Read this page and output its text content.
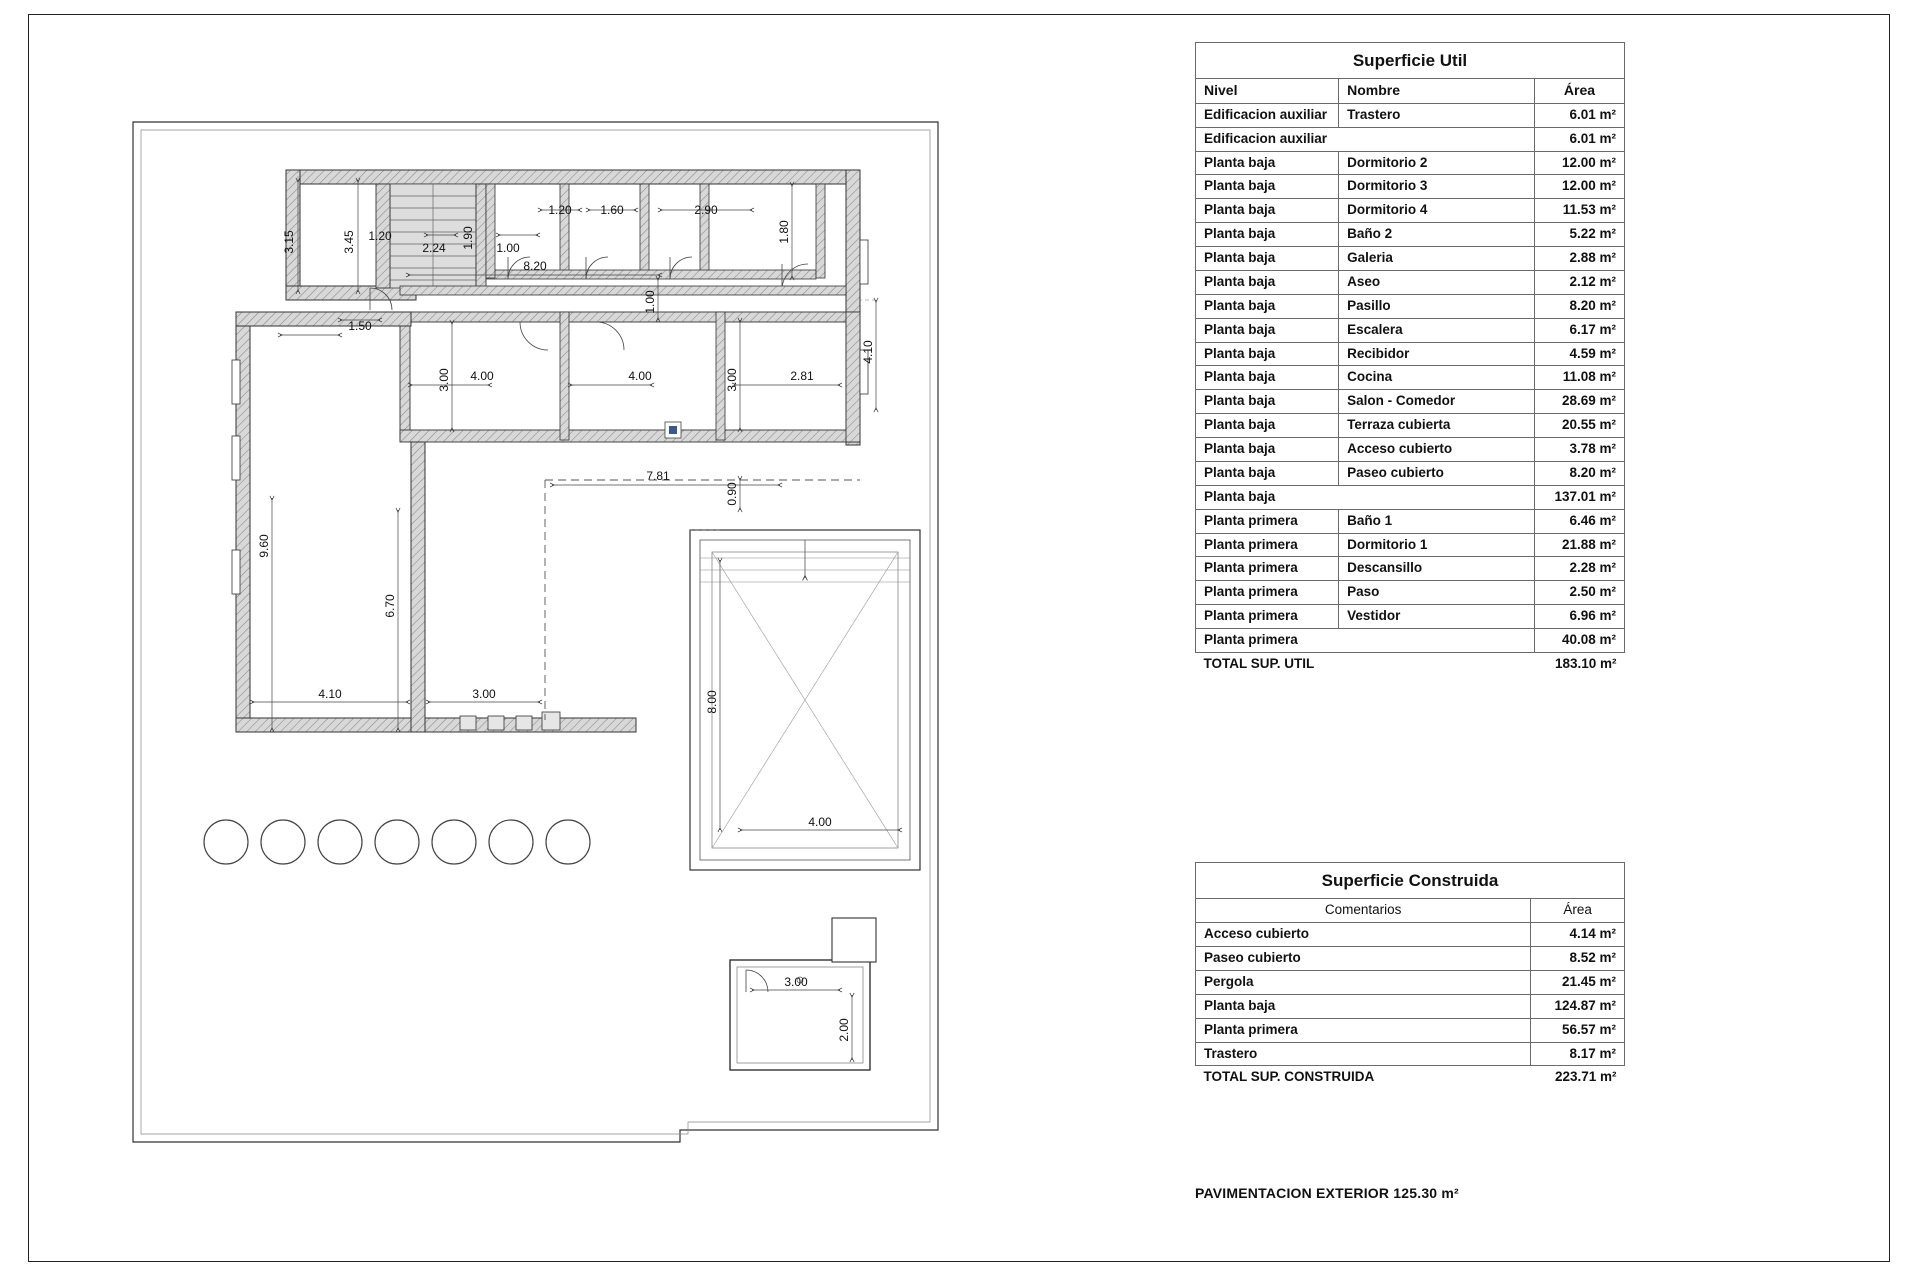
3.15	1.20
3.45	2.24 1.90 1.00
1.20 1.60	2.90
1.80
8.20
1.00
1.50
3.00 4.00	4.00	3.00	2.81
4.10
7.81
0.90
9.60
6.70
4.10	3.00	8.00
4.00
3.00
2.00
Superficie Util		
Nivel	Nombre	Área
Edificacion auxiliar	Trastero	6.01 m²
Edificacion auxiliar		6.01 m²
Planta baja	Dormitorio 2	12.00 m²
Planta baja	Dormitorio 3	12.00 m²
Planta baja	Dormitorio 4	11.53 m²
Planta baja	Baño 2	5.22 m²
Planta baja	Galeria	2.88 m²
Planta baja	Aseo	2.12 m²
Planta baja	Pasillo	8.20 m²
Planta baja	Escalera	6.17 m²
Planta baja	Recibidor	4.59 m²
Planta baja	Cocina	11.08 m²
Planta baja	Salon - Comedor	28.69 m²
Planta baja	Terraza cubierta	20.55 m²
Planta baja	Acceso cubierto	3.78 m²
Planta baja	Paseo cubierto	8.20 m²
Planta baja		137.01 m²
Planta primera	Baño 1	6.46 m²
Planta primera	Dormitorio 1	21.88 m²
Planta primera	Descansillo	2.28 m²
Planta primera	Paso	2.50 m²
Planta primera	Vestidor	6.96 m²
Planta primera		40.08 m²
TOTAL SUP. UTIL		183.10 m²
Superficie Construida	
Comentarios	Área
Acceso cubierto	4.14 m²
Paseo cubierto	8.52 m²
Pergola	21.45 m²
Planta baja	124.87 m²
Planta primera	56.57 m²
Trastero	8.17 m²
TOTAL SUP. CONSTRUIDA	223.71 m²
PAVIMENTACION EXTERIOR 125.30 m²
